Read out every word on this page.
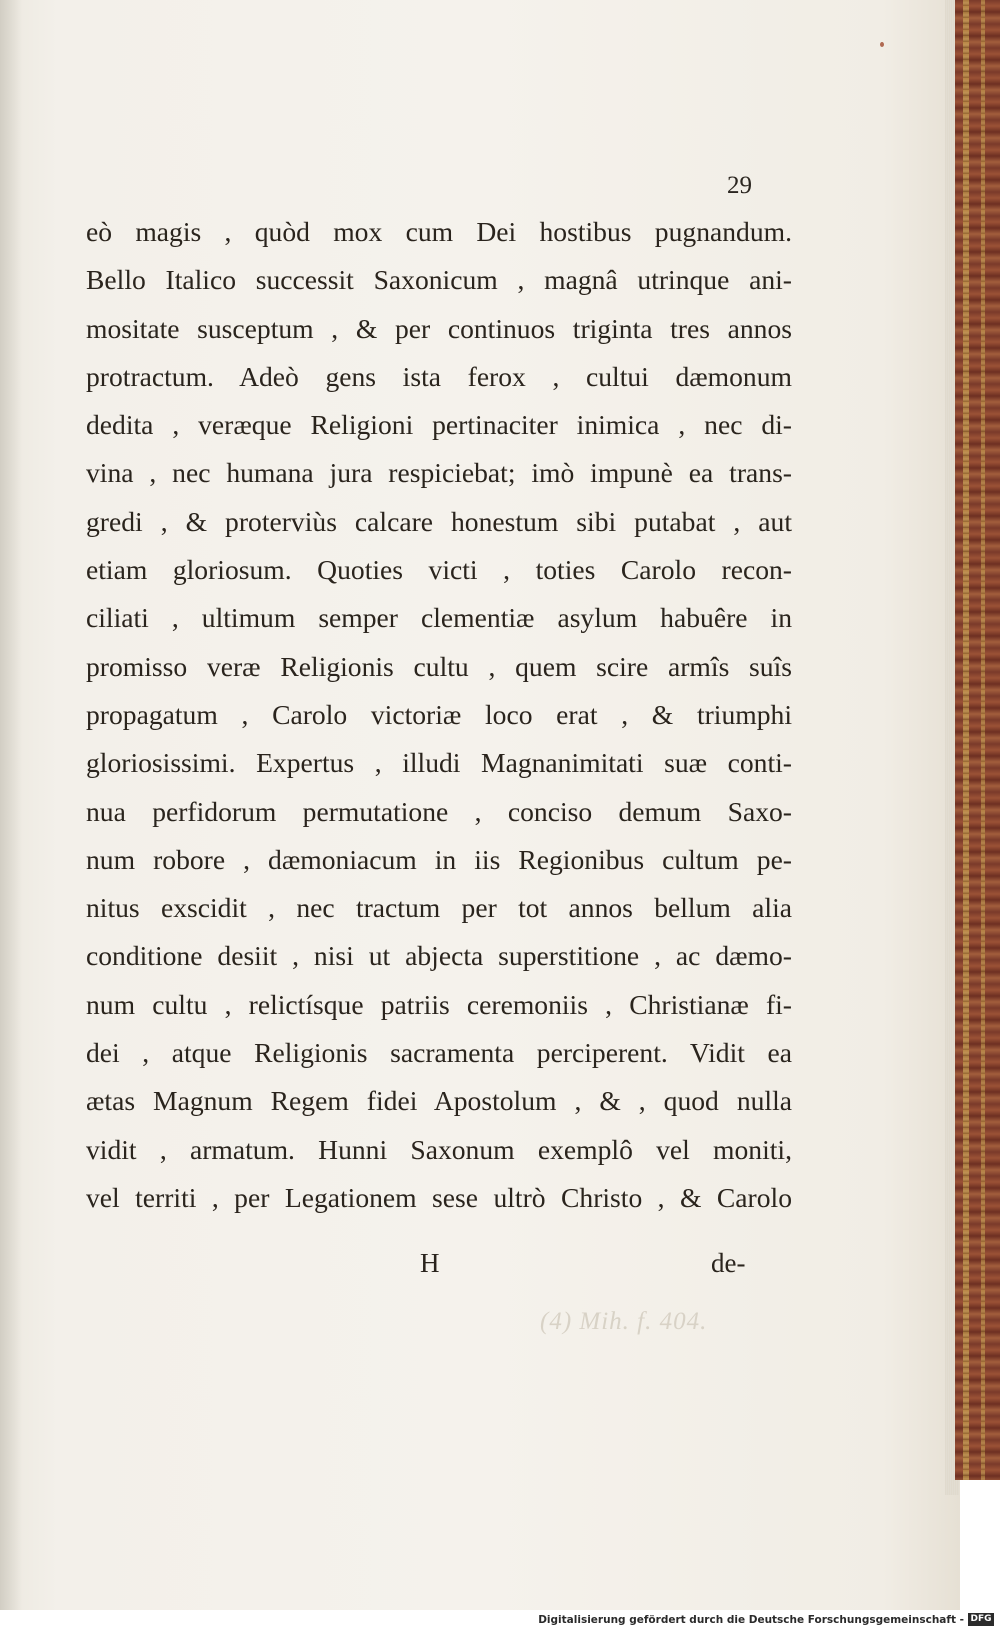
29
eò magis , quòd mox cum Dei hostibus pugnandum.
Bello Italico successit Saxonicum , magnâ utrinque ani-
mositate susceptum , & per continuos triginta tres annos
protractum. Adeò gens ista ferox , cultui dæmonum
dedita , veræque Religioni pertinaciter inimica , nec di-
vina , nec humana jura respiciebat; imò impunè ea trans-
gredi , & proterviùs calcare honestum sibi putabat , aut
etiam gloriosum. Quoties victi , toties Carolo recon-
ciliati , ultimum semper clementiæ asylum habuêre in
promisso veræ Religionis cultu , quem scire armîs suîs
propagatum , Carolo victoriæ loco erat , & triumphi
gloriosissimi. Expertus , illudi Magnanimitati suæ conti-
nua perfidorum permutatione , conciso demum Saxo-
num robore , dæmoniacum in iis Regionibus cultum pe-
nitus exscidit , nec tractum per tot annos bellum alia
conditione desiit , nisi ut abjecta superstitione , ac dæmo-
num cultu , relictísque patriis ceremoniis , Christianæ fi-
dei , atque Religionis sacramenta perciperent. Vidit ea
ætas Magnum Regem fidei Apostolum , & , quod nulla
vidit , armatum. Hunni Saxonum exemplô vel moniti,
vel territi , per Legationem sese ultrò Christo , & Carolo
H	de-
(4) Mih. f. 404.
Digitalisierung gefördert durch die Deutsche Forschungsgemeinschaft - DFG
